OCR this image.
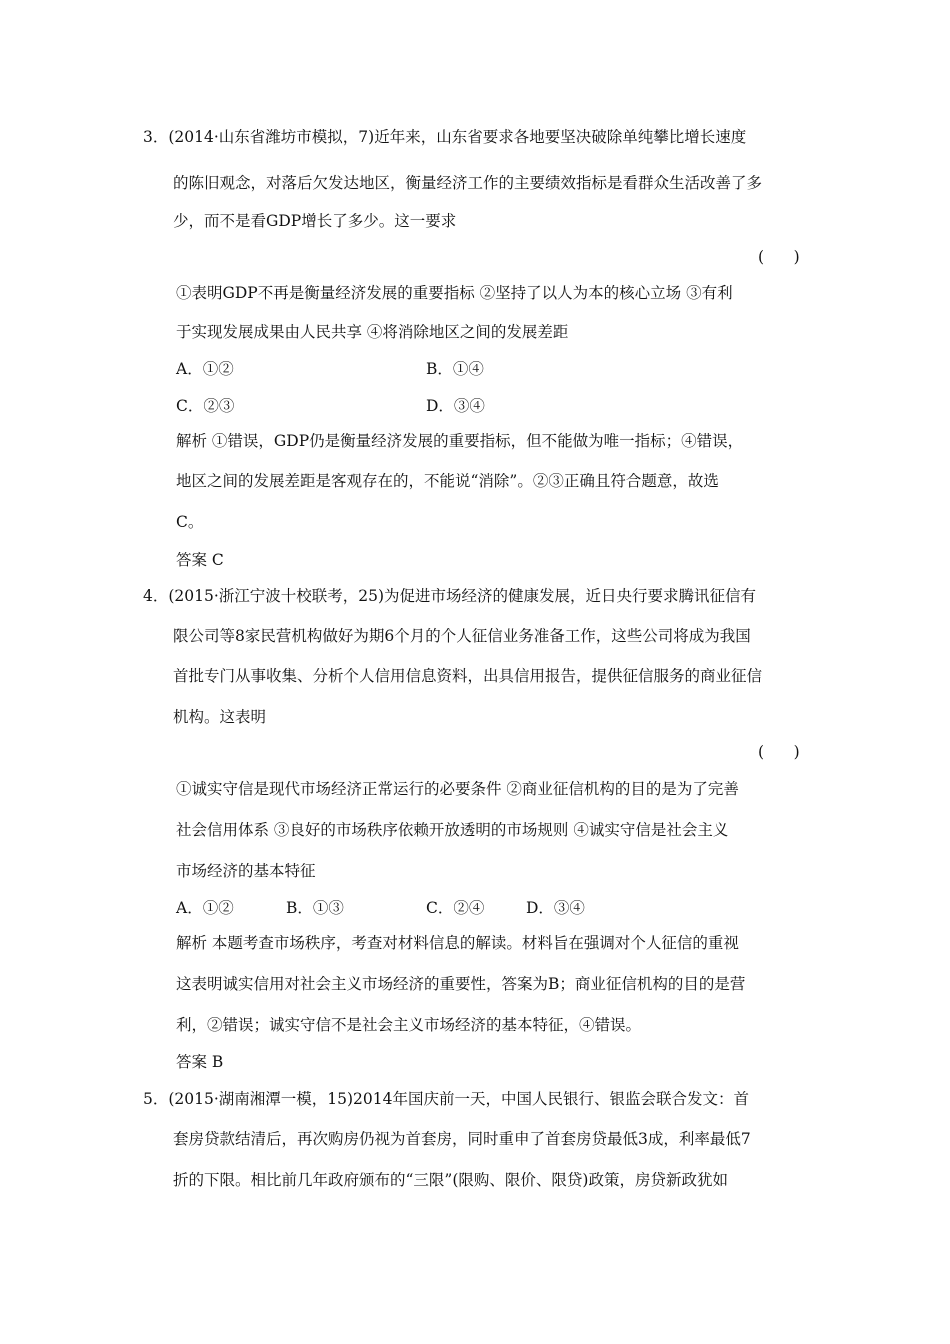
3．(2014·山东省潍坊市模拟，7)近年来，山东省要求各地要坚决破除单纯攀比增长速度
的陈旧观念，对落后欠发达地区，衡量经济工作的主要绩效指标是看群众生活改善了多
少，而不是看GDP增长了多少。这一要求
(      )
①表明GDP不再是衡量经济发展的重要指标 ②坚持了以人为本的核心立场 ③有利
于实现发展成果由人民共享 ④将消除地区之间的发展差距
A．①②	B．①④
C．②③	D．③④
解析 ①错误，GDP仍是衡量经济发展的重要指标，但不能做为唯一指标；④错误，
地区之间的发展差距是客观存在的，不能说“消除”。②③正确且符合题意，故选
C。
答案 C
4．(2015·浙江宁波十校联考，25)为促进市场经济的健康发展，近日央行要求腾讯征信有
限公司等8家民营机构做好为期6个月的个人征信业务准备工作，这些公司将成为我国
首批专门从事收集、分析个人信用信息资料，出具信用报告，提供征信服务的商业征信
机构。这表明
(      )
①诚实守信是现代市场经济正常运行的必要条件 ②商业征信机构的目的是为了完善
社会信用体系 ③良好的市场秩序依赖开放透明的市场规则 ④诚实守信是社会主义
市场经济的基本特征
A．①②	B．①③	C．②④	D．③④
解析 本题考查市场秩序，考查对材料信息的解读。材料旨在强调对个人征信的重视
这表明诚实信用对社会主义市场经济的重要性，答案为B；商业征信机构的目的是营
利，②错误；诚实守信不是社会主义市场经济的基本特征，④错误。
答案 B
5．(2015·湖南湘潭一模，15)2014年国庆前一天，中国人民银行、银监会联合发文：首
套房贷款结清后，再次购房仍视为首套房，同时重申了首套房贷最低3成，利率最低7
折的下限。相比前几年政府颁布的“三限”(限购、限价、限贷)政策，房贷新政犹如
